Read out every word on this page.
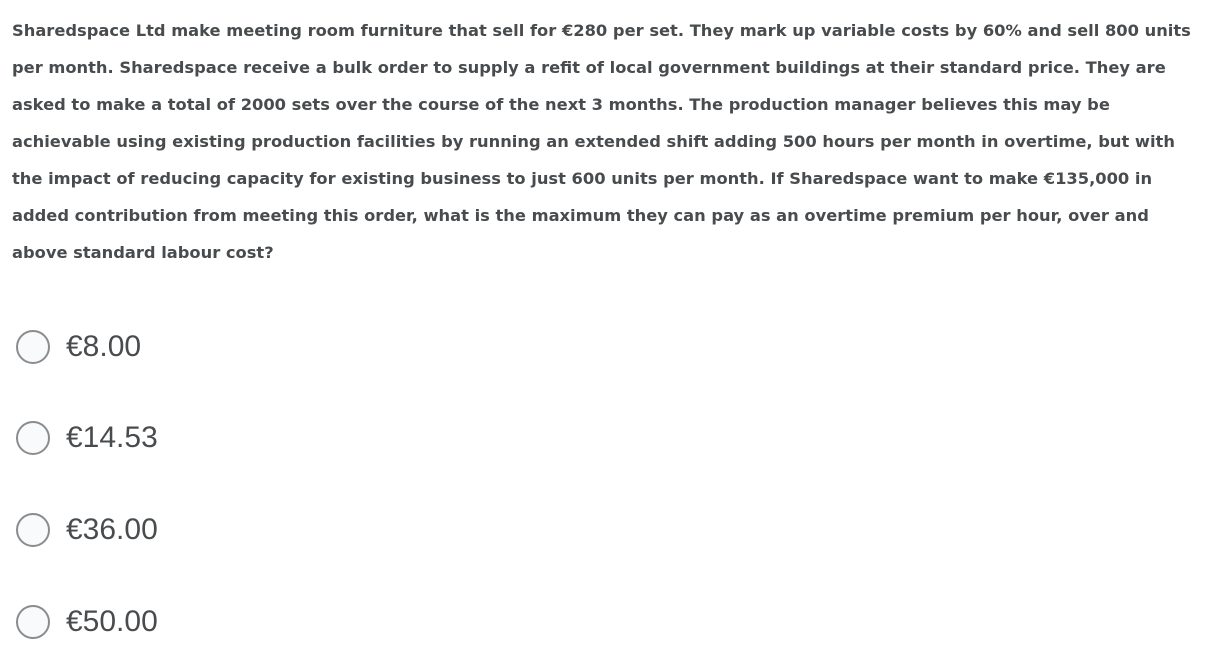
Sharedspace Ltd make meeting room furniture that sell for €280 per set. They mark up variable costs by 60% and sell 800 units per month. Sharedspace receive a bulk order to supply a refit of local government buildings at their standard price. They are asked to make a total of 2000 sets over the course of the next 3 months. The production manager believes this may be achievable using existing production facilities by running an extended shift adding 500 hours per month in overtime, but with the impact of reducing capacity for existing business to just 600 units per month. If Sharedspace want to make €135,000 in added contribution from meeting this order, what is the maximum they can pay as an overtime premium per hour, over and above standard labour cost?

€8.00
€14.53
€36.00
€50.00
